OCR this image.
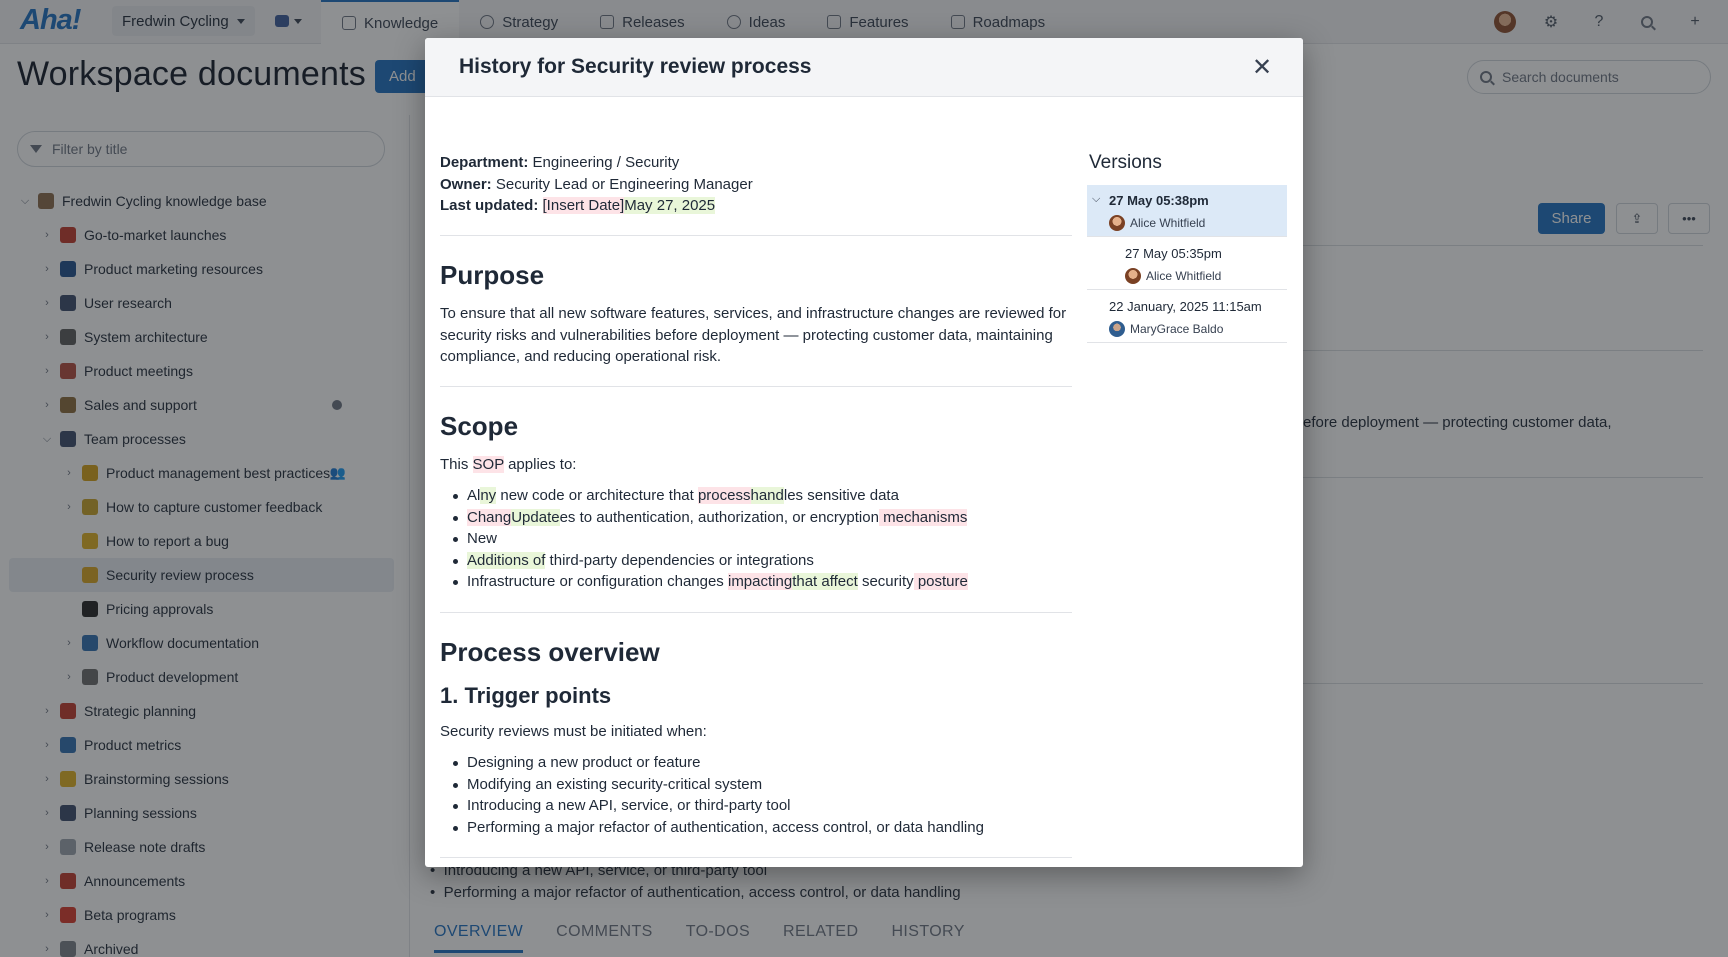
History for Security review process	✕
Department: Engineering / Security
Owner: Security Lead or Engineering Manager
Last updated: [Insert Date]May 27, 2025
Purpose
To ensure that all new software features, services, and infrastructure changes are reviewed for security risks and vulnerabilities before deployment — protecting customer data, maintaining compliance, and reducing operational risk.
Scope
This SOP applies to:
Alny new code or architecture that processhandles sensitive data
ChangUpdatees to authentication, authorization, or encryption mechanisms
New
Additions of third-party dependencies or integrations
Infrastructure or configuration changes impactingthat affect security posture
Process overview
1. Trigger points
Security reviews must be initiated when:
Designing a new product or feature
Modifying an existing security-critical system
Introducing a new API, service, or third-party tool
Performing a major refactor of authentication, access control, or data handling
Versions
⌵ 27 May 05:38pm
Alice Whitfield
27 May 05:35pm
Alice Whitfield
22 January, 2025 11:15am
MaryGrace Baldo
